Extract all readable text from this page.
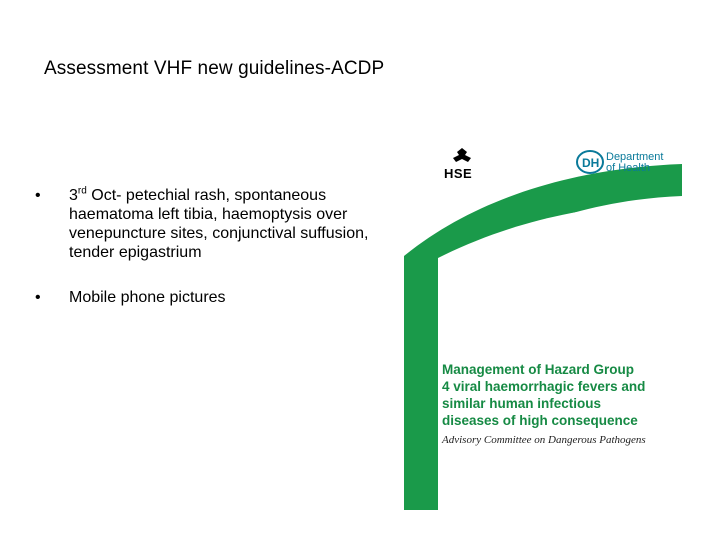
Assessment VHF new guidelines-ACDP
• 3rd Oct- petechial rash, spontaneous haematoma left tibia, haemoptysis over venepuncture sites, conjunctival suffusion, tender epigastrium
• Mobile phone pictures
HSE
DH Department
of Health
Management of Hazard Group
4 viral haemorrhagic fevers and
similar human infectious
diseases of high consequence
Advisory Committee on Dangerous Pathogens
